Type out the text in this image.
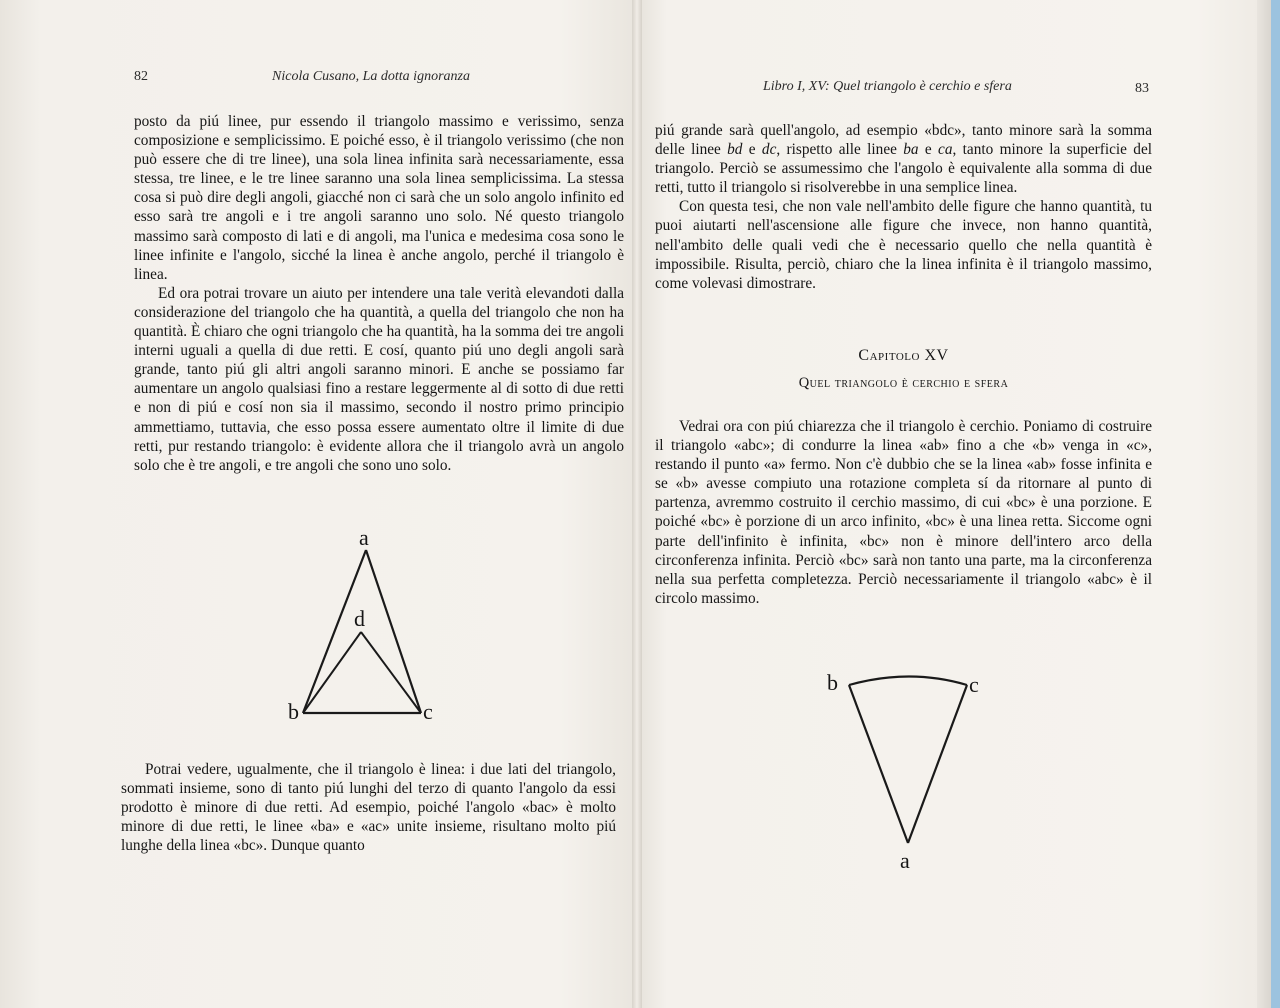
82	Nicola Cusano, La dotta ignoranza

posto da piú linee, pur essendo il triangolo massimo e verissimo, senza composizione e semplicissimo. E poiché esso, è il triangolo verissimo (che non può essere che di tre linee), una sola linea infinita sarà necessariamente, essa stessa, tre linee, e le tre linee saranno una sola linea semplicissima. La stessa cosa si può dire degli angoli, giacché non ci sarà che un solo angolo infinito ed esso sarà tre angoli e i tre angoli saranno uno solo. Né questo triangolo massimo sarà composto di lati e di angoli, ma l'unica e medesima cosa sono le linee infinite e l'angolo, sicché la linea è anche angolo, perché il triangolo è linea.

Ed ora potrai trovare un aiuto per intendere una tale verità elevandoti dalla considerazione del triangolo che ha quantità, a quella del triangolo che non ha quantità. È chiaro che ogni triangolo che ha quantità, ha la somma dei tre angoli interni uguali a quella di due retti. E cosí, quanto piú uno degli angoli sarà grande, tanto piú gli altri angoli saranno minori. E anche se possiamo far aumentare un angolo qualsiasi fino a restare leggermente al di sotto di due retti e non di piú e cosí non sia il massimo, secondo il nostro primo principio ammettiamo, tuttavia, che esso possa essere aumentato oltre il limite di due retti, pur restando triangolo: è evidente allora che il triangolo avrà un angolo solo che è tre angoli, e tre angoli che sono uno solo.

a
d
b	c

Potrai vedere, ugualmente, che il triangolo è linea: i due lati del triangolo, sommati insieme, sono di tanto piú lunghi del terzo di quanto l'angolo da essi prodotto è minore di due retti. Ad esempio, poiché l'angolo «bac» è molto minore di due retti, le linee «ba» e «ac» unite insieme, risultano molto piú lunghe della linea «bc». Dunque quanto

Libro I, XV: Quel triangolo è cerchio e sfera	83

piú grande sarà quell'angolo, ad esempio «bdc», tanto minore sarà la somma delle linee bd e dc, rispetto alle linee ba e ca, tanto minore la superficie del triangolo. Perciò se assumessimo che l'angolo è equivalente alla somma di due retti, tutto il triangolo si risolverebbe in una semplice linea.

Con questa tesi, che non vale nell'ambito delle figure che hanno quantità, tu puoi aiutarti nell'ascensione alle figure che invece, non hanno quantità, nell'ambito delle quali vedi che è necessario quello che nella quantità è impossibile. Risulta, perciò, chiaro che la linea infinita è il triangolo massimo, come volevasi dimostrare.

Capitolo XV
Quel triangolo è cerchio e sfera

Vedrai ora con piú chiarezza che il triangolo è cerchio. Poniamo di costruire il triangolo «abc»; di condurre la linea «ab» fino a che «b» venga in «c», restando il punto «a» fermo. Non c'è dubbio che se la linea «ab» fosse infinita e se «b» avesse compiuto una rotazione completa sí da ritornare al punto di partenza, avremmo costruito il cerchio massimo, di cui «bc» è una porzione. E poiché «bc» è porzione di un arco infinito, «bc» è una linea retta. Siccome ogni parte dell'infinito è infinita, «bc» non è minore dell'intero arco della circonferenza infinita. Perciò «bc» sarà non tanto una parte, ma la circonferenza nella sua perfetta completezza. Perciò necessariamente il triangolo «abc» è il circolo massimo.

b	c
a
